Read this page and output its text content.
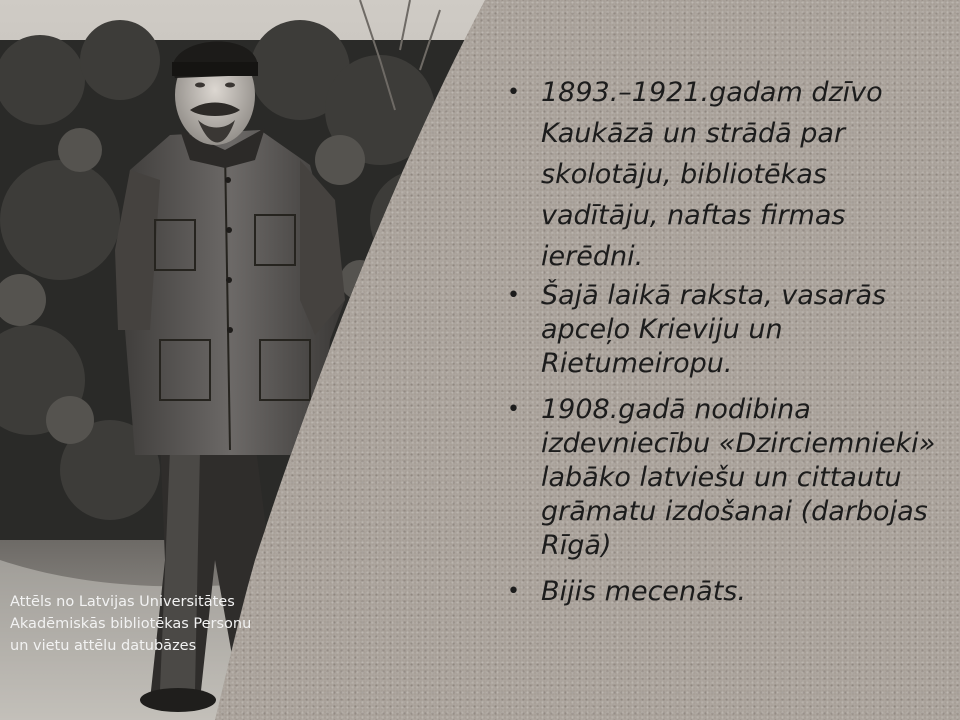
• 1893.–1921.gadam dzīvo Kaukāzā un strādā par skolotāju, bibliotēkas vadītāju, naftas firmas ierēdni.
• Šajā laikā raksta, vasarās apceļo Krieviju un Rietumeiropu.
• 1908.gadā nodibina izdevniecību «Dzirciemnieki» labāko latviešu un cittautu grāmatu izdošanai (darbojas Rīgā)
• Bijis mecenāts.
Attēls no Latvijas Universitātes
Akadēmiskās bibliotēkas Personu
un vietu attēlu datubāzes
